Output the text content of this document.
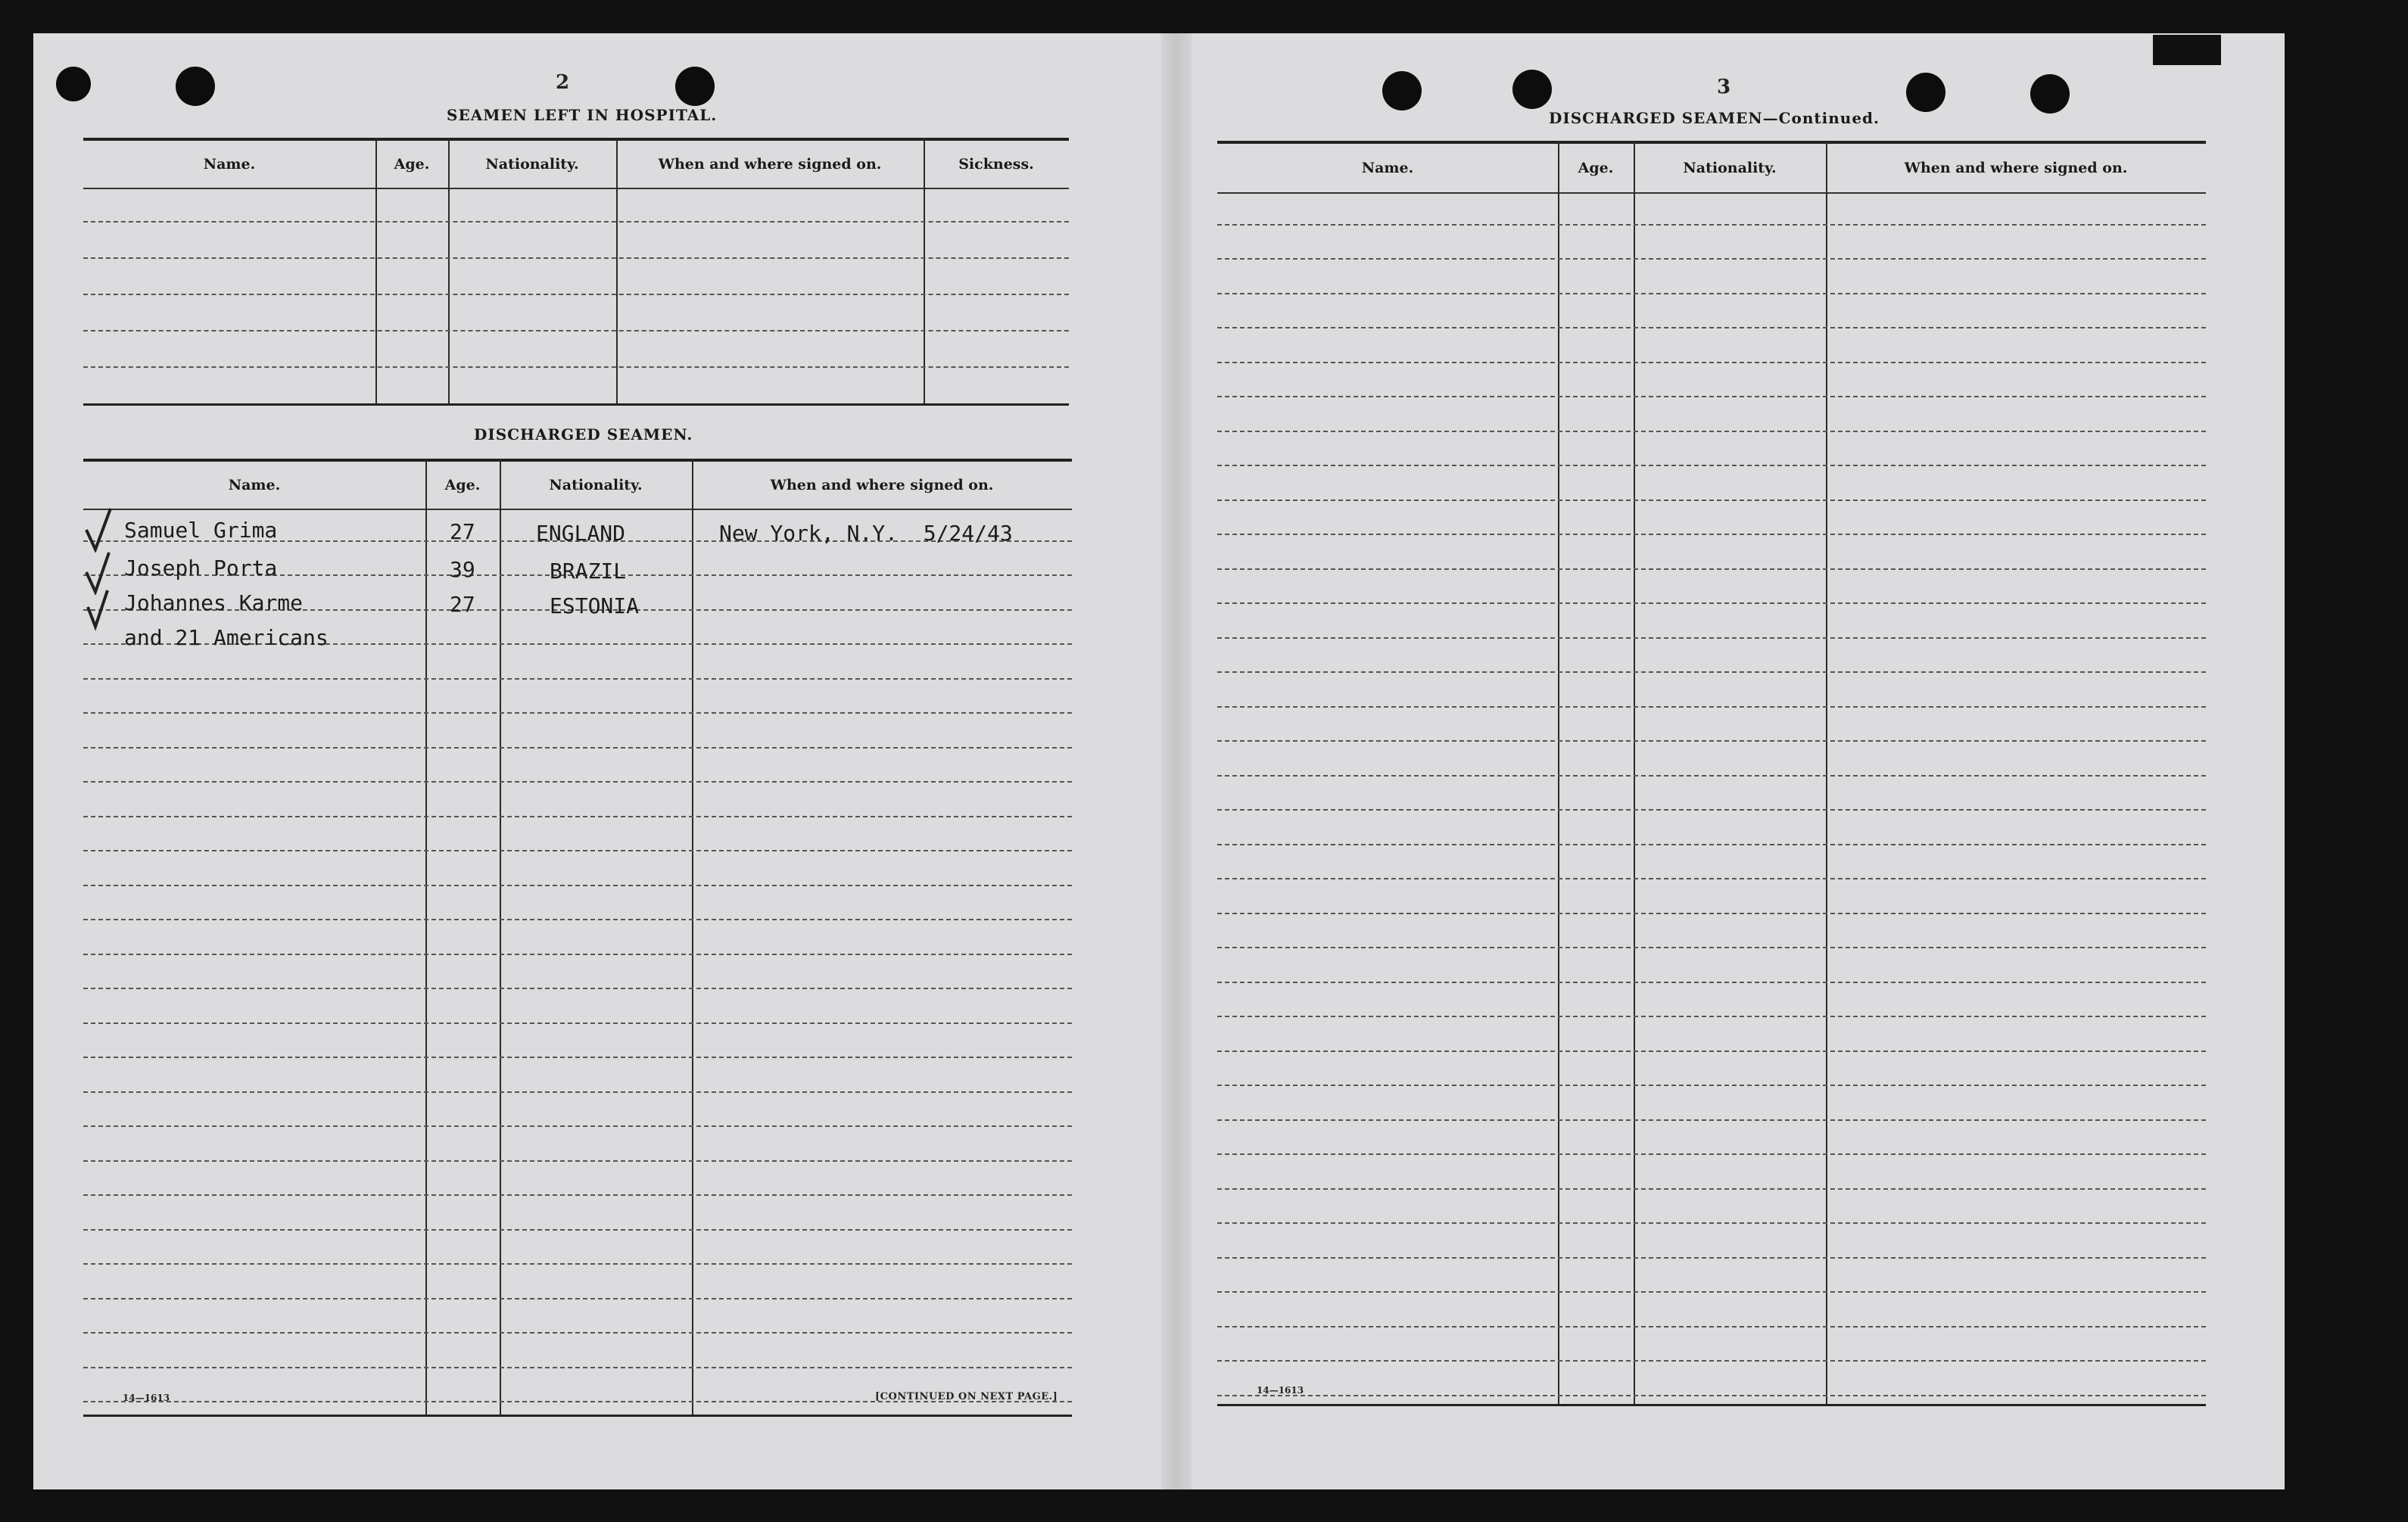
2
SEAMEN LEFT IN HOSPITAL.
Name.	Age.	Nationality.	When and where signed on.	Sickness.
DISCHARGED SEAMEN.
Name.	Age.	Nationality.	When and where signed on.
Samuel Grima	27	ENGLAND	New York, N.Y.  5/24/43
Joseph Porta	39	BRAZIL
Johannes Karme	27	ESTONIA
and 21 Americans
14—1613	[CONTINUED ON NEXT PAGE.]
3
DISCHARGED SEAMEN—Continued.
Name.	Age.	Nationality.	When and where signed on.
14—1613
